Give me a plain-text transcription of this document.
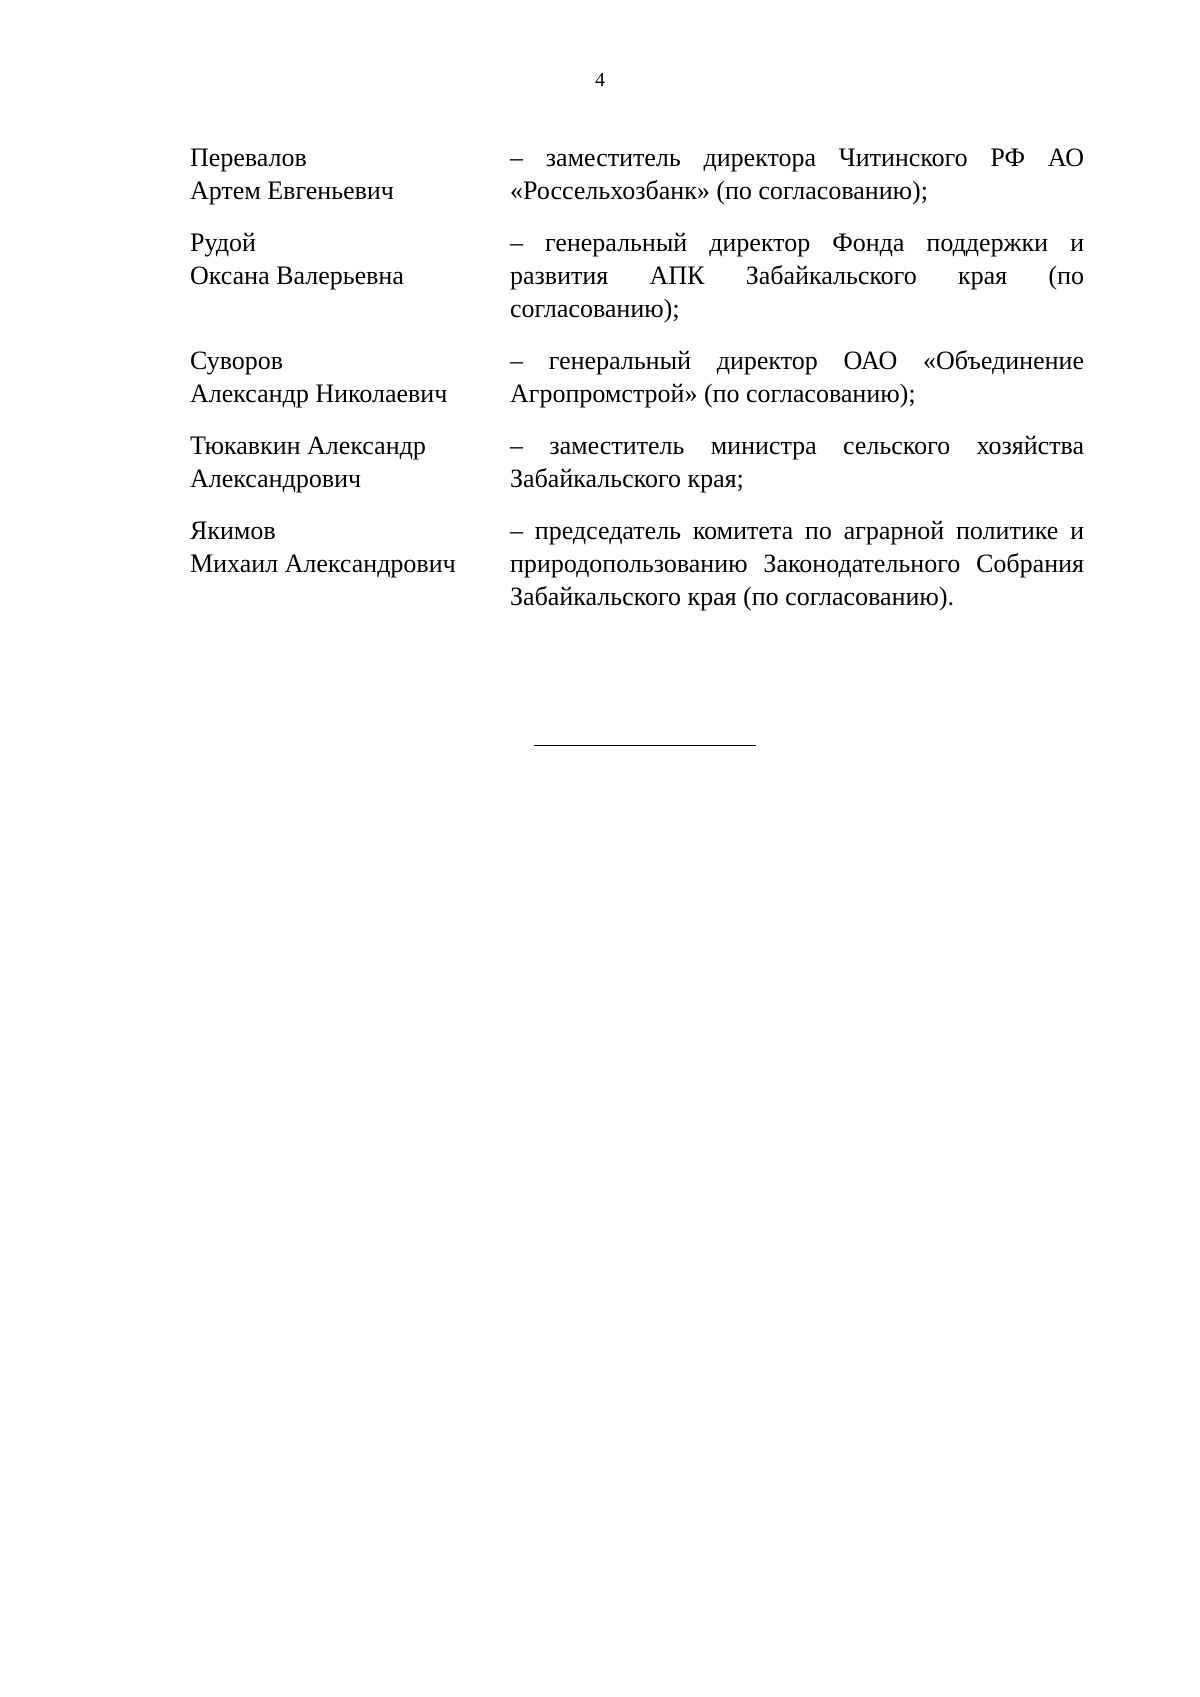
4
Перевалов
Артем Евгеньевич
– заместитель директора Читинского РФ АО «Россельхозбанк» (по согласованию);
Рудой
Оксана Валерьевна
– генеральный директор Фонда поддержки и развития АПК Забайкальского края (по согласованию);
Суворов
Александр Николаевич
– генеральный директор ОАО «Объединение Агропромстрой» (по согласованию);
Тюкавкин Александр
Александрович
– заместитель министра сельского хозяйства Забайкальского края;
Якимов
Михаил Александрович
– председатель комитета по аграрной политике и природопользованию Законодательного Собрания Забайкальского края (по согласованию).
